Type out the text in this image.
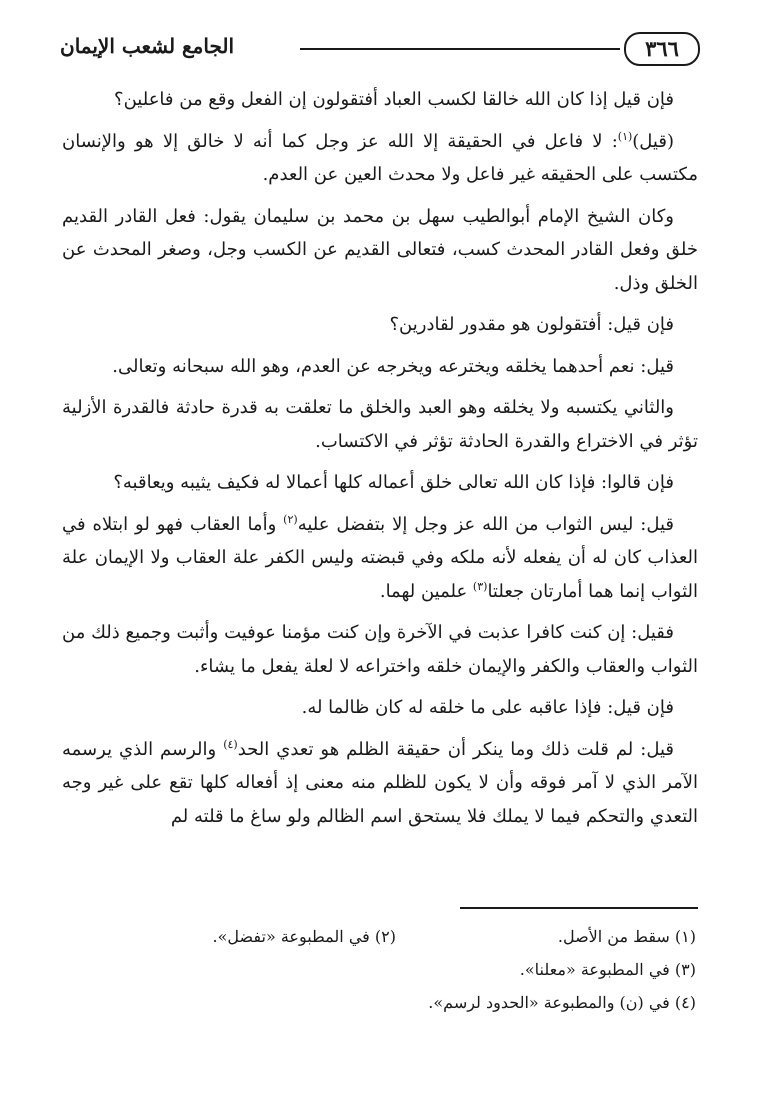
٣٦٦
الجامع لشعب الإيمان

فإن قيل إذا كان الله خالقا لكسب العباد أفتقولون إن الفعل وقع من فاعلين؟

(قيل)$^{(١)}$: لا فاعل في الحقيقة إلا الله عز وجل كما أنه لا خالق إلا هو والإنسان مكتسب على الحقيقه غير فاعل ولا محدث العين عن العدم.

وكان الشيخ الإمام أبوالطيب سهل بن محمد بن سليمان يقول: فعل القادر القديم خلق وفعل القادر المحدث كسب، فتعالى القديم عن الكسب وجل، وصغر المحدث عن الخلق وذل.

فإن قيل: أفتقولون هو مقدور لقادرين؟

قيل: نعم أحدهما يخلقه ويخترعه ويخرجه عن العدم، وهو الله سبحانه وتعالى.

والثاني يكتسبه ولا يخلقه وهو العبد والخلق ما تعلقت به قدرة حادثة فالقدرة الأزلية تؤثر في الاختراع والقدرة الحادثة تؤثر في الاكتساب.

فإن قالوا: فإذا كان الله تعالى خلق أعماله كلها أعمالا له فكيف يثيبه ويعاقبه؟

قيل: ليس الثواب من الله عز وجل إلا بتفضل عليه$^{(٢)}$ وأما العقاب فهو لو ابتلاه في العذاب كان له أن يفعله لأنه ملكه وفي قبضته وليس الكفر علة العقاب ولا الإيمان علة الثواب إنما هما أمارتان جعلتا$^{(٣)}$ علمين لهما.

فقيل: إن كنت كافرا عذبت في الآخرة وإن كنت مؤمنا عوفيت وأثبت وجميع ذلك من الثواب والعقاب والكفر والإيمان خلقه واختراعه لا لعلة يفعل ما يشاء.

فإن قيل: فإذا عاقبه على ما خلقه له كان ظالما له.

قيل: لم قلت ذلك وما ينكر أن حقيقة الظلم هو تعدي الحد$^{(٤)}$ والرسم الذي يرسمه الآمر الذي لا آمر فوقه وأن لا يكون للظلم منه معنى إذ أفعاله كلها تقع على غير وجه التعدي والتحكم فيما لا يملك فلا يستحق اسم الظالم ولو ساغ ما قلته لم

(١) سقط من الأصل.
(٢) في المطبوعة «تفضل».
(٣) في المطبوعة «معلنا».
(٤) في (ن) والمطبوعة «الحدود لرسم».
